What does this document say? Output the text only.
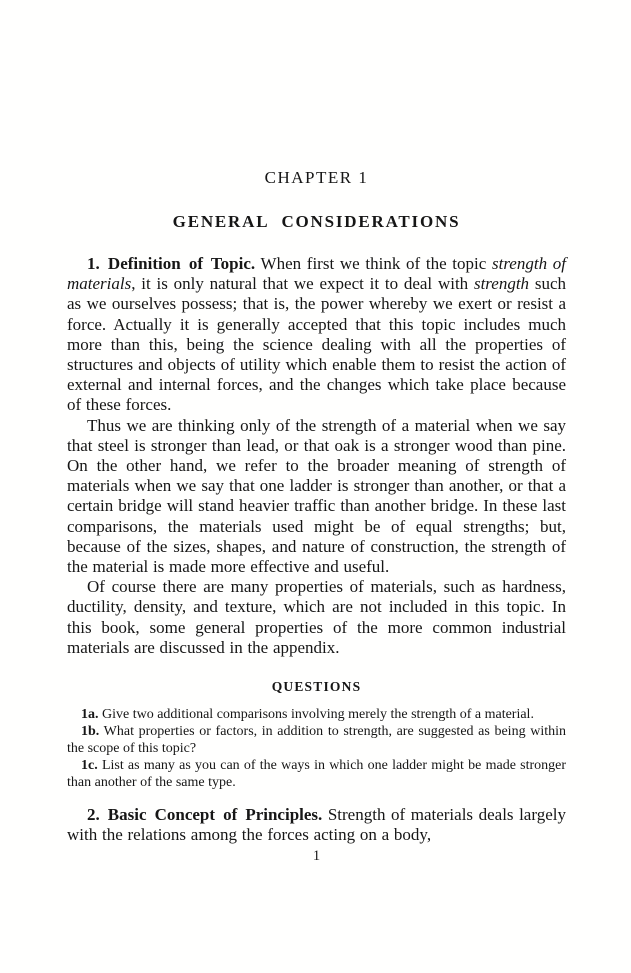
CHAPTER 1
GENERAL CONSIDERATIONS

1. Definition of Topic. When first we think of the topic strength of materials, it is only natural that we expect it to deal with strength such as we ourselves possess; that is, the power whereby we exert or resist a force. Actually it is generally accepted that this topic includes much more than this, being the science dealing with all the properties of structures and objects of utility which enable them to resist the action of external and internal forces, and the changes which take place because of these forces.

Thus we are thinking only of the strength of a material when we say that steel is stronger than lead, or that oak is a stronger wood than pine. On the other hand, we refer to the broader meaning of strength of materials when we say that one ladder is stronger than another, or that a certain bridge will stand heavier traffic than another bridge. In these last comparisons, the materials used might be of equal strengths; but, because of the sizes, shapes, and nature of construction, the strength of the material is made more effective and useful.

Of course there are many properties of materials, such as hardness, ductility, density, and texture, which are not included in this topic. In this book, some general properties of the more common industrial materials are discussed in the appendix.

QUESTIONS

1a. Give two additional comparisons involving merely the strength of a material.

1b. What properties or factors, in addition to strength, are suggested as being within the scope of this topic?

1c. List as many as you can of the ways in which one ladder might be made stronger than another of the same type.

2. Basic Concept of Principles. Strength of materials deals largely with the relations among the forces acting on a body,

1
